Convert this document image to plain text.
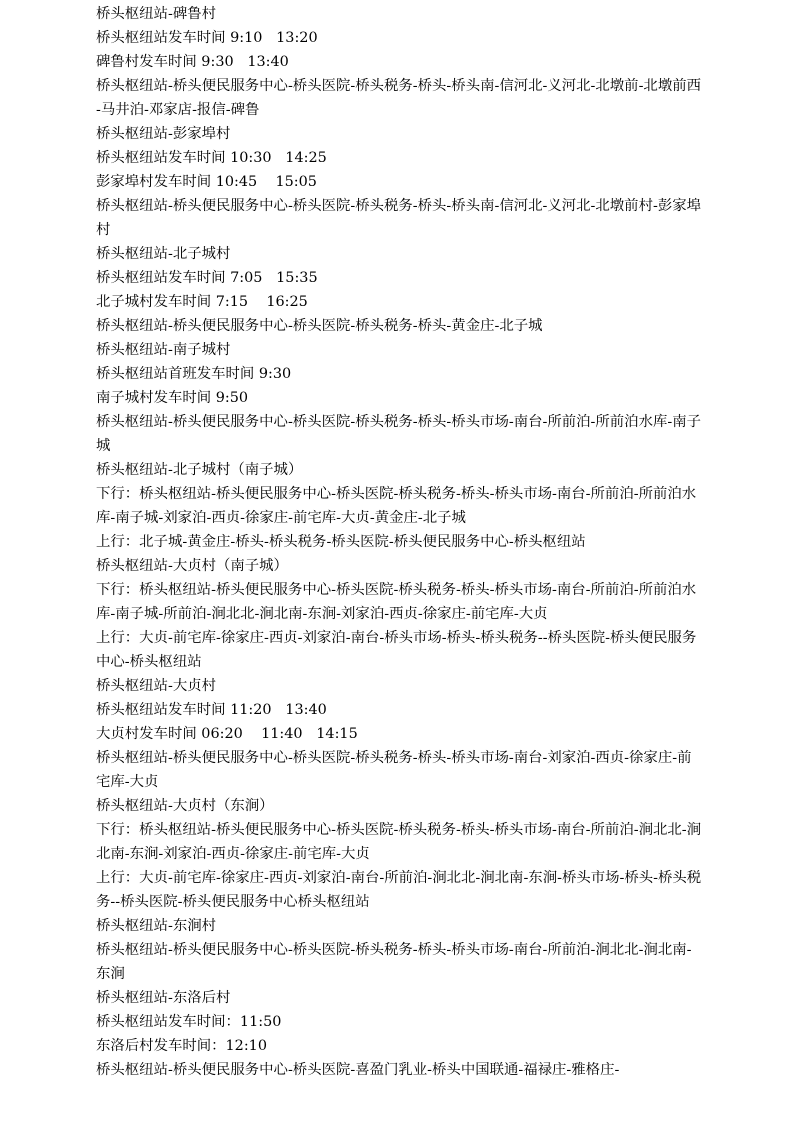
桥头枢纽站-碑鲁村

桥头枢纽站发车时间 9:10   13:20

碑鲁村发车时间 9:30   13:40

桥头枢纽站-桥头便民服务中心-桥头医院-桥头税务-桥头-桥头南-信河北-义河北-北墩前-北墩前西-马井泊-邓家店-报信-碑鲁

桥头枢纽站-彭家埠村

桥头枢纽站发车时间 10:30   14:25

彭家埠村发车时间 10:45    15:05

桥头枢纽站-桥头便民服务中心-桥头医院-桥头税务-桥头-桥头南-信河北-义河北-北墩前村-彭家埠村

桥头枢纽站-北子城村

桥头枢纽站发车时间 7:05   15:35

北子城村发车时间 7:15    16:25

桥头枢纽站-桥头便民服务中心-桥头医院-桥头税务-桥头-黄金庄-北子城

桥头枢纽站-南子城村

桥头枢纽站首班发车时间 9:30

南子城村发车时间 9:50

桥头枢纽站-桥头便民服务中心-桥头医院-桥头税务-桥头-桥头市场-南台-所前泊-所前泊水库-南子城

桥头枢纽站-北子城村（南子城）

下行：桥头枢纽站-桥头便民服务中心-桥头医院-桥头税务-桥头-桥头市场-南台-所前泊-所前泊水库-南子城-刘家泊-西贞-徐家庄-前宅库-大贞-黄金庄-北子城

上行：北子城-黄金庄-桥头-桥头税务-桥头医院-桥头便民服务中心-桥头枢纽站

桥头枢纽站-大贞村（南子城）

下行：桥头枢纽站-桥头便民服务中心-桥头医院-桥头税务-桥头-桥头市场-南台-所前泊-所前泊水库-南子城-所前泊-涧北北-涧北南-东涧-刘家泊-西贞-徐家庄-前宅库-大贞

上行：大贞-前宅库-徐家庄-西贞-刘家泊-南台-桥头市场-桥头-桥头税务--桥头医院-桥头便民服务中心-桥头枢纽站

桥头枢纽站-大贞村

桥头枢纽站发车时间 11:20   13:40

大贞村发车时间 06:20    11:40   14:15

桥头枢纽站-桥头便民服务中心-桥头医院-桥头税务-桥头-桥头市场-南台-刘家泊-西贞-徐家庄-前宅库-大贞

桥头枢纽站-大贞村（东涧）

下行：桥头枢纽站-桥头便民服务中心-桥头医院-桥头税务-桥头-桥头市场-南台-所前泊-涧北北-涧北南-东涧-刘家泊-西贞-徐家庄-前宅库-大贞

上行：大贞-前宅库-徐家庄-西贞-刘家泊-南台-所前泊-涧北北-涧北南-东涧-桥头市场-桥头-桥头税务--桥头医院-桥头便民服务中心桥头枢纽站

桥头枢纽站-东涧村

桥头枢纽站-桥头便民服务中心-桥头医院-桥头税务-桥头-桥头市场-南台-所前泊-涧北北-涧北南-东涧

桥头枢纽站-东洛后村

桥头枢纽站发车时间：11:50

东洛后村发车时间：12:10

桥头枢纽站-桥头便民服务中心-桥头医院-喜盈门乳业-桥头中国联通-福禄庄-雅格庄-
